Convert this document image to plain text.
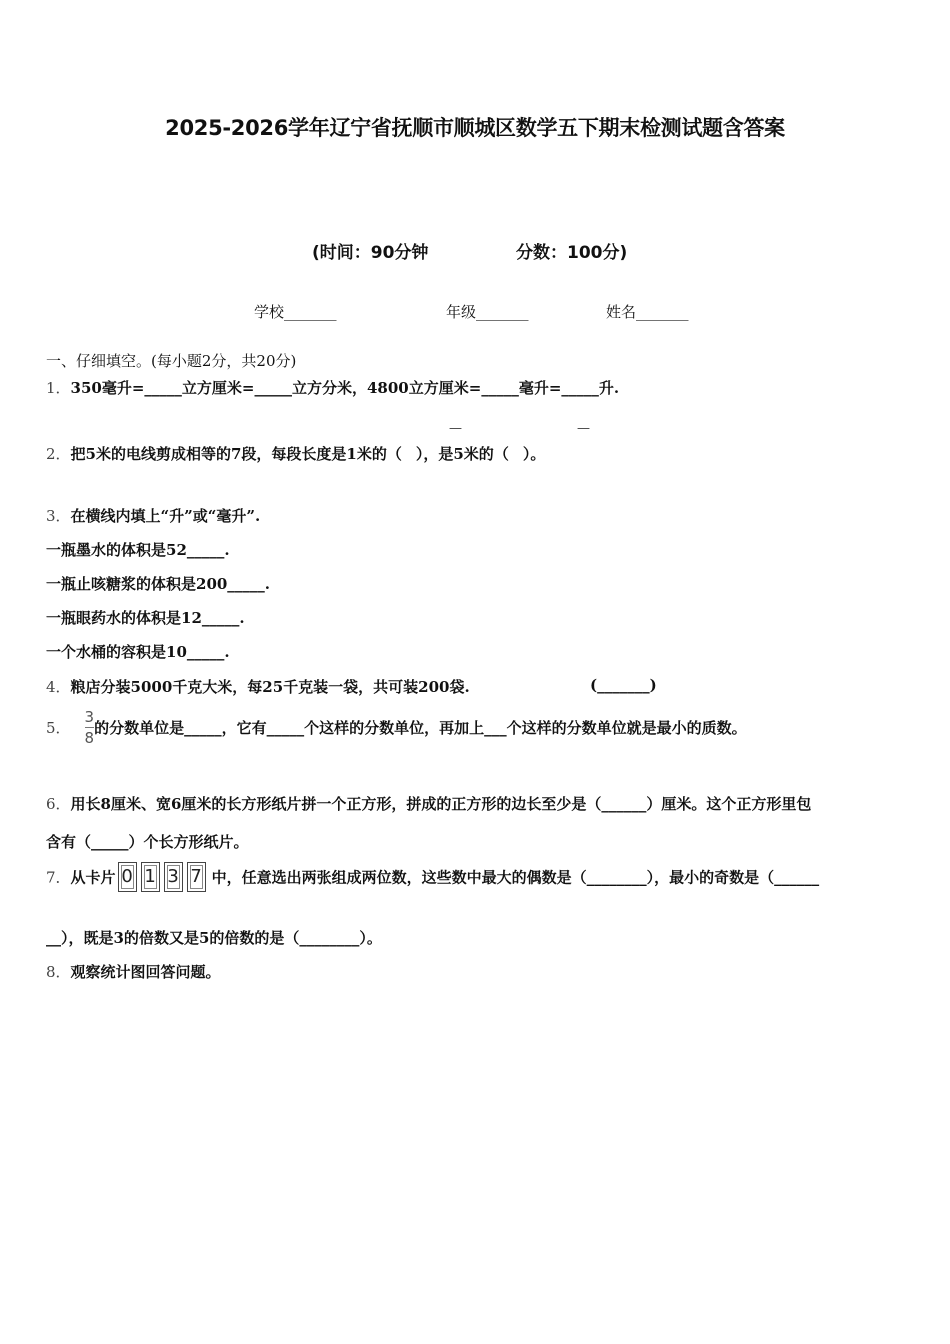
2025-2026学年辽宁省抚顺市顺城区数学五下期末检测试题含答案
(时间：90分钟	分数：100分)
学校_______	年级_______	姓名_______
一、仔细填空。(每小题2分，共20分)
1．350毫升=_____立方厘米=_____立方分米，4800立方厘米=_____毫升=_____升.
—	—
2．把5米的电线剪成相等的7段，每段长度是1米的（ ），是5米的（ ）。
3．在横线内填上“升”或“毫升”.
一瓶墨水的体积是52_____.
一瓶止咳糖浆的体积是200_____.
一瓶眼药水的体积是12_____.
一个水桶的容积是10_____.
4．粮店分装5000千克大米，每25千克装一袋，共可装200袋.	(_______)
5． $\frac{3}{8}$的分数单位是_____，它有_____个这样的分数单位，再加上___个这样的分数单位就是最小的质数。
6．用长8厘米、宽6厘米的长方形纸片拼一个正方形，拼成的正方形的边长至少是（______）厘米。这个正方形里包
含有（_____）个长方形纸片。
7．从卡片 0 1 3 7 中，任意选出两张组成两位数，这些数中最大的偶数是（________），最小的奇数是（______
__），既是3的倍数又是5的倍数的是（________）。
8．观察统计图回答问题。
